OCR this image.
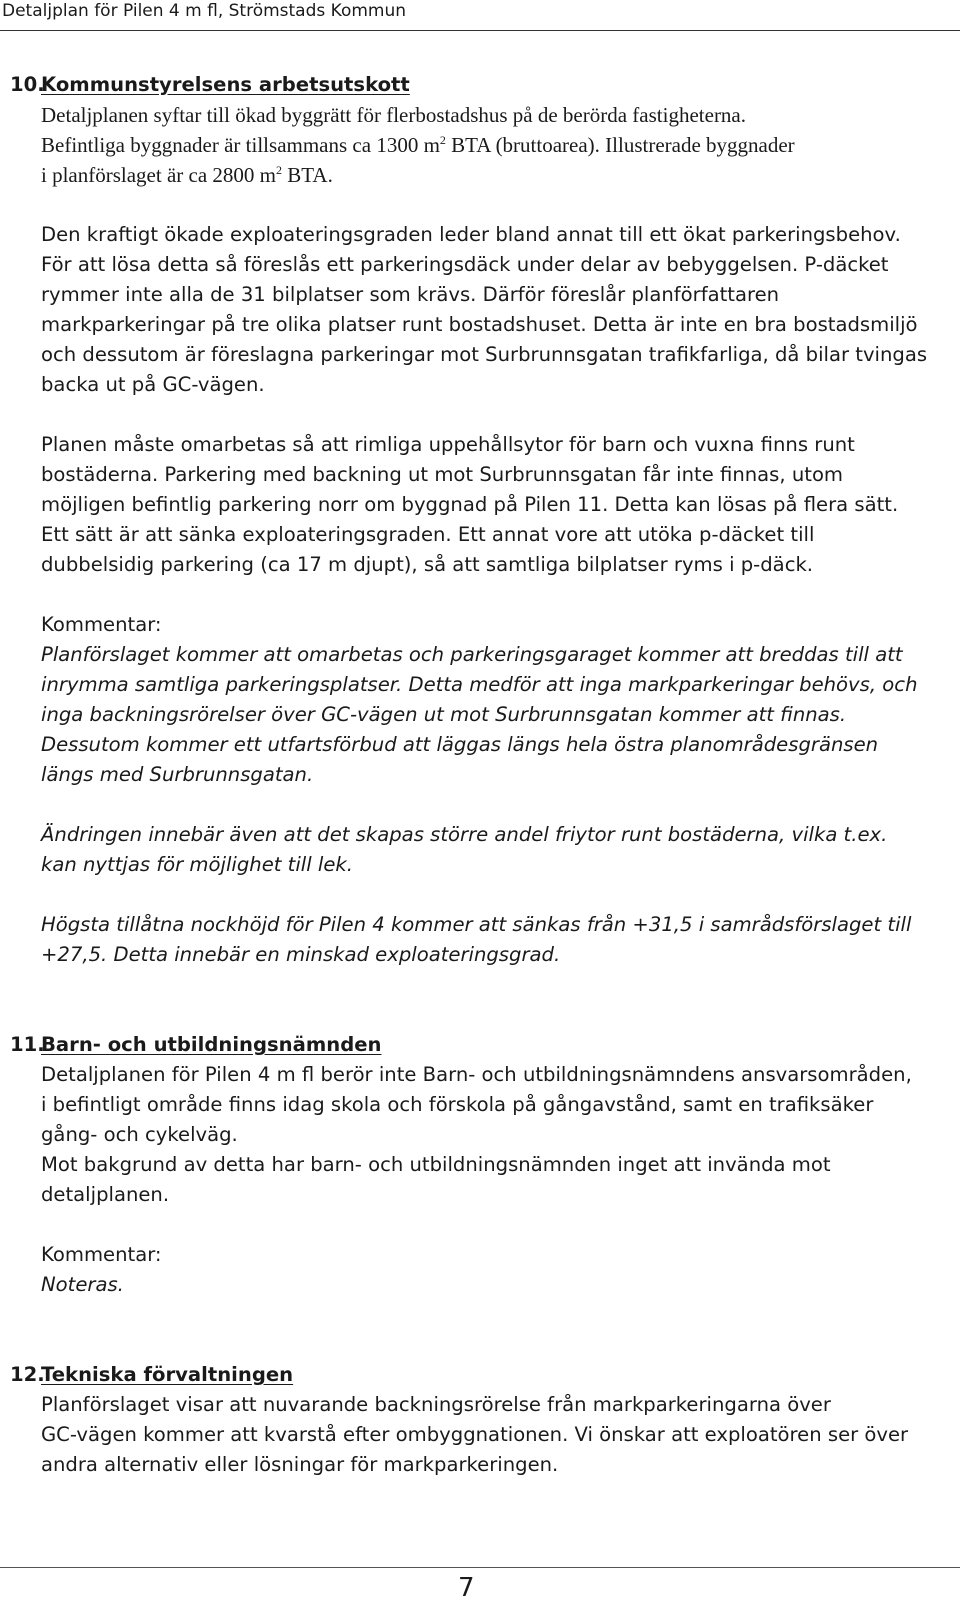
Detaljplan för Pilen 4 m fl, Strömstads Kommun
10.
Kommunstyrelsens arbetsutskott
Detaljplanen syftar till ökad byggrätt för flerbostadshus på de berörda fastigheterna.
Befintliga byggnader är tillsammans ca 1300 $m^2$ BTA (bruttoarea). Illustrerade byggnader
i planförslaget är ca 2800 $m^2$ BTA.
Den kraftigt ökade exploateringsgraden leder bland annat till ett ökat parkeringsbehov.
För att lösa detta så föreslås ett parkeringsdäck under delar av bebyggelsen. P-däcket
rymmer inte alla de 31 bilplatser som krävs. Därför föreslår planförfattaren
markparkeringar på tre olika platser runt bostadshuset. Detta är inte en bra bostadsmiljö
och dessutom är föreslagna parkeringar mot Surbrunnsgatan trafikfarliga, då bilar tvingas
backa ut på GC-vägen.
Planen måste omarbetas så att rimliga uppehållsytor för barn och vuxna finns runt
bostäderna. Parkering med backning ut mot Surbrunnsgatan får inte finnas, utom
möjligen befintlig parkering norr om byggnad på Pilen 11. Detta kan lösas på flera sätt.
Ett sätt är att sänka exploateringsgraden. Ett annat vore att utöka p-däcket till
dubbelsidig parkering (ca 17 m djupt), så att samtliga bilplatser ryms i p-däck.
Kommentar:
Planförslaget kommer att omarbetas och parkeringsgaraget kommer att breddas till att
inrymma samtliga parkeringsplatser. Detta medför att inga markparkeringar behövs, och
inga backningsrörelser över GC-vägen ut mot Surbrunnsgatan kommer att finnas.
Dessutom kommer ett utfartsförbud att läggas längs hela östra planområdesgränsen
längs med Surbrunnsgatan.
Ändringen innebär även att det skapas större andel friytor runt bostäderna, vilka t.ex.
kan nyttjas för möjlighet till lek.
Högsta tillåtna nockhöjd för Pilen 4 kommer att sänkas från +31,5 i samrådsförslaget till
+27,5. Detta innebär en minskad exploateringsgrad.
11.
Barn- och utbildningsnämnden
Detaljplanen för Pilen 4 m fl berör inte Barn- och utbildningsnämndens ansvarsområden,
i befintligt område finns idag skola och förskola på gångavstånd, samt en trafiksäker
gång- och cykelväg.
Mot bakgrund av detta har barn- och utbildningsnämnden inget att invända mot
detaljplanen.
Kommentar:
Noteras.
12.
Tekniska förvaltningen
Planförslaget visar att nuvarande backningsrörelse från markparkeringarna över
GC-vägen kommer att kvarstå efter ombyggnationen. Vi önskar att exploatören ser över
andra alternativ eller lösningar för markparkeringen.
7
